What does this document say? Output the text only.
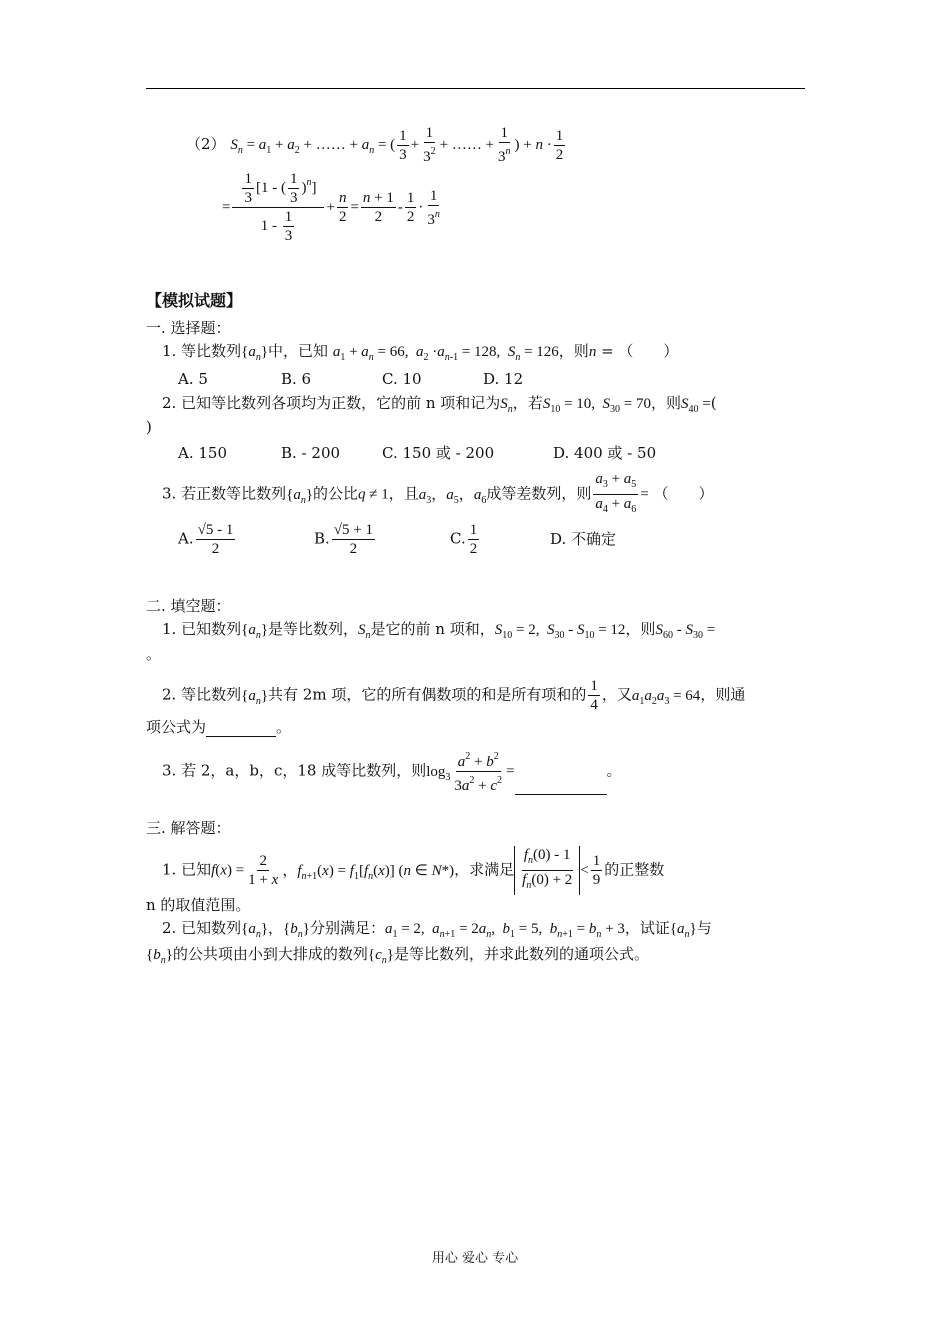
（2） $S_n = a_1 + a_2$ + …… + $a_n$ = ( $\frac{1}{3} + \frac{1}{3^2}$ + …… + $\frac{1}{3^n}$ ) + $n \cdot \frac{1}{2}$
= $\frac{\frac{1}{3} [1 - ( \frac{1}{3} )^n]}{1 - \frac{1}{3}} + \frac{n}{2} = \frac{n + 1}{2} - \frac{1}{2} \cdot \frac{1}{3^n}$
【模拟试题】
一. 选择题：
1. 等比数列$\{a_n\}$中，已知 $a_1 + a_n = 66$,  $a_2 \cdot a_{n-1} = 128$,  $S_n = 126$，则n = （　　）
A. 5	B. 6	C. 10	D. 12
2. 已知等比数列各项均为正数，它的前 n 项和记为$S_n$，若$S_{10} = 10$,  $S_{30} = 70$，则$S_{40}$ =(
)
A. 150	B. - 200	C. 150 或 - 200	D. 400 或 - 50
3. 若正数等比数列$\{a_n\}$的公比q ≠ 1，且$a_3$，$a_5$，$a_6$成等差数列，则 $\frac{a_3 + a_5}{a_4 + a_6}$ = （　　）
A. $\frac{√5 - 1}{2}$	B. $\frac{√5 + 1}{2}$	C. $\frac{1}{2}$	D. 不确定
二. 填空题：
1. 已知数列$\{a_n\}$是等比数列，$S_n$是它的前 n 项和，$S_{10} = 2$,  $S_{30} - S_{10} = 12$，则$S_{60} - S_{30}$ =
。
2. 等比数列$\{a_n\}$共有 2m 项，它的所有偶数项的和是所有项和的 $\frac{1}{4}$ ，又$a_1a_2a_3 = 64$，则通
项公式为	。
3. 若 2，a，b，c，18 成等比数列，则$\log_3 \frac{a^2 + b^2}{3a^2 + c^2}$ =	。
三. 解答题：
1. 已知$f(x) = \frac{2}{1 + x}$ ，$f_{n+1}(x) = f_1[f_n(x)]$ (n ∈ N*)，求满足 $\frac{f_n(0) - 1}{f_n(0) + 2} < \frac{1}{9}$ 的正整数
n 的取值范围。
2. 已知数列$\{a_n\}$，$\{b_n\}$分别满足：$a_1 = 2$,  $a_{n+1} = 2a_n$,  $b_1 = 5$,  $b_{n+1} = b_n + 3$，试证$\{a_n\}$与
$\{b_n\}$的公共项由小到大排成的数列$\{c_n\}$是等比数列，并求此数列的通项公式。
用心 爱心 专心
